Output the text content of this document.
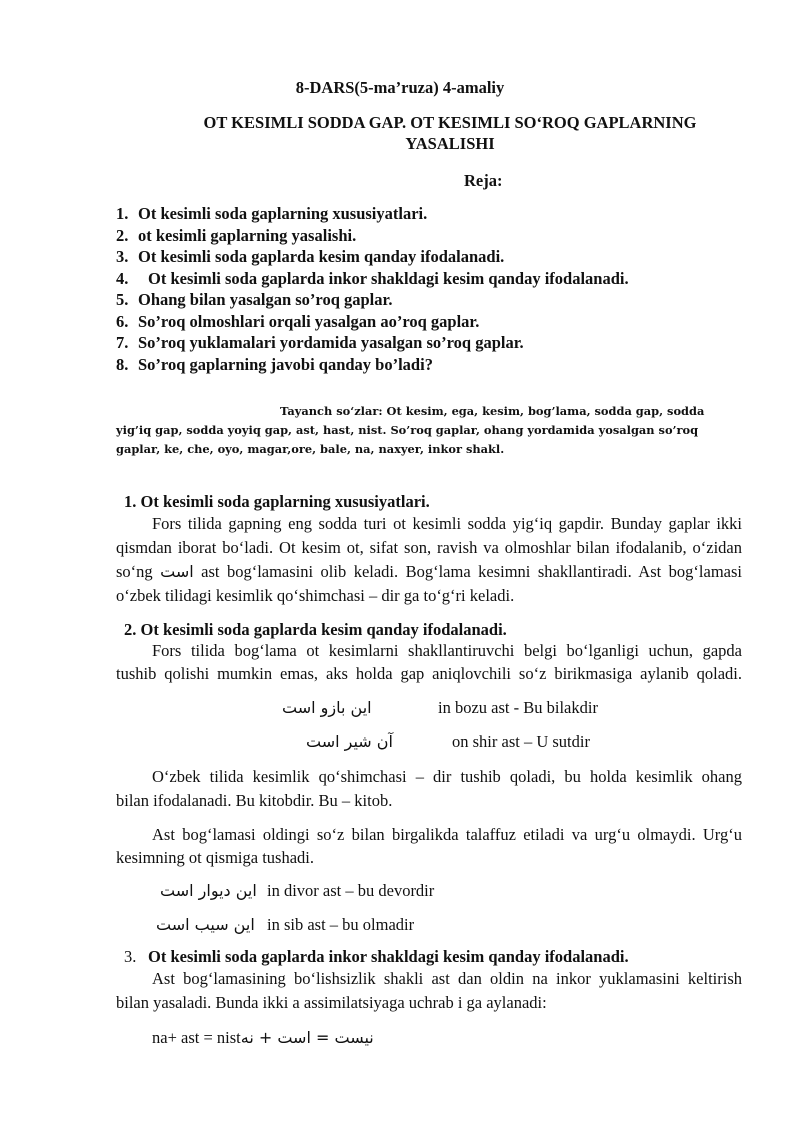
8-DARS(5-ma’ruza) 4-amaliy
OT KESIMLI SODDA GAP. OT KESIMLI SO‘ROQ GAPLARNING
YASALISHI
Reja:
1. Ot kesimli soda gaplarning xususiyatlari.
2. ot kesimli gaplarning yasalishi.
3. Ot kesimli soda gaplarda kesim qanday ifodalanadi.
4. Ot kesimli soda gaplarda inkor shakldagi kesim qanday ifodalanadi.
5. Ohang bilan yasalgan so’roq gaplar.
6. So’roq olmoshlari orqali yasalgan ao’roq gaplar.
7. So’roq yuklamalari yordamida yasalgan so’roq gaplar.
8. So’roq gaplarning javobi qanday bo’ladi?
Tayanch so‘zlar: Ot kesim, ega, kesim, bog’lama, sodda gap, sodda
yig’iq gap, sodda yoyiq gap, ast, hast, nist. So’roq gaplar, ohang yordamida yosalgan so’roq
gaplar, ke, che, oyo, magar,ore, bale, na, naxyer, inkor shakl.
1. Ot kesimli soda gaplarning xususiyatlari.
Fors tilida gapning eng sodda turi ot kesimli sodda yig‘iq gapdir. Bunday gaplar ikki
qismdan iborat bo‘ladi. Ot kesim ot, sifat son, ravish va olmoshlar bilan ifodalanib, o‘zidan
so‘ng است ast bog‘lamasini olib keladi. Bog‘lama kesimni shakllantiradi. Ast bog‘lamasi
o‘zbek tilidagi kesimlik qo‘shimchasi – dir ga to‘g‘ri keladi.
2. Ot kesimli soda gaplarda kesim qanday ifodalanadi.
Fors tilida bog‘lama ot kesimlarni shakllantiruvchi belgi bo‘lganligi uchun, gapda
tushib qolishi mumkin emas, aks holda gap aniqlovchili so‘z birikmasiga aylanib qoladi.
این بازو است	in bozu ast - Bu bilakdir
آن شیر است	on shir ast – U sutdir
O‘zbek tilida kesimlik qo‘shimchasi – dir tushib qoladi, bu holda kesimlik ohang
bilan ifodalanadi. Bu kitobdir. Bu – kitob.
Ast bog‘lamasi oldingi so‘z bilan birgalikda talaffuz etiladi va urg‘u olmaydi. Urg‘u
kesimning ot qismiga tushadi.
این دیوار است in divor ast – bu devordir
این سیب است in sib ast – bu olmadir
3. Ot kesimli soda gaplarda inkor shakldagi kesim qanday ifodalanadi.
Ast bog‘lamasining bo‘lishsizlik shakli ast dan oldin na inkor yuklamasini keltirish
bilan yasaladi. Bunda ikki a assimilatsiyaga uchrab i ga aylanadi:
na+ ast = nistنیست = است + نه
